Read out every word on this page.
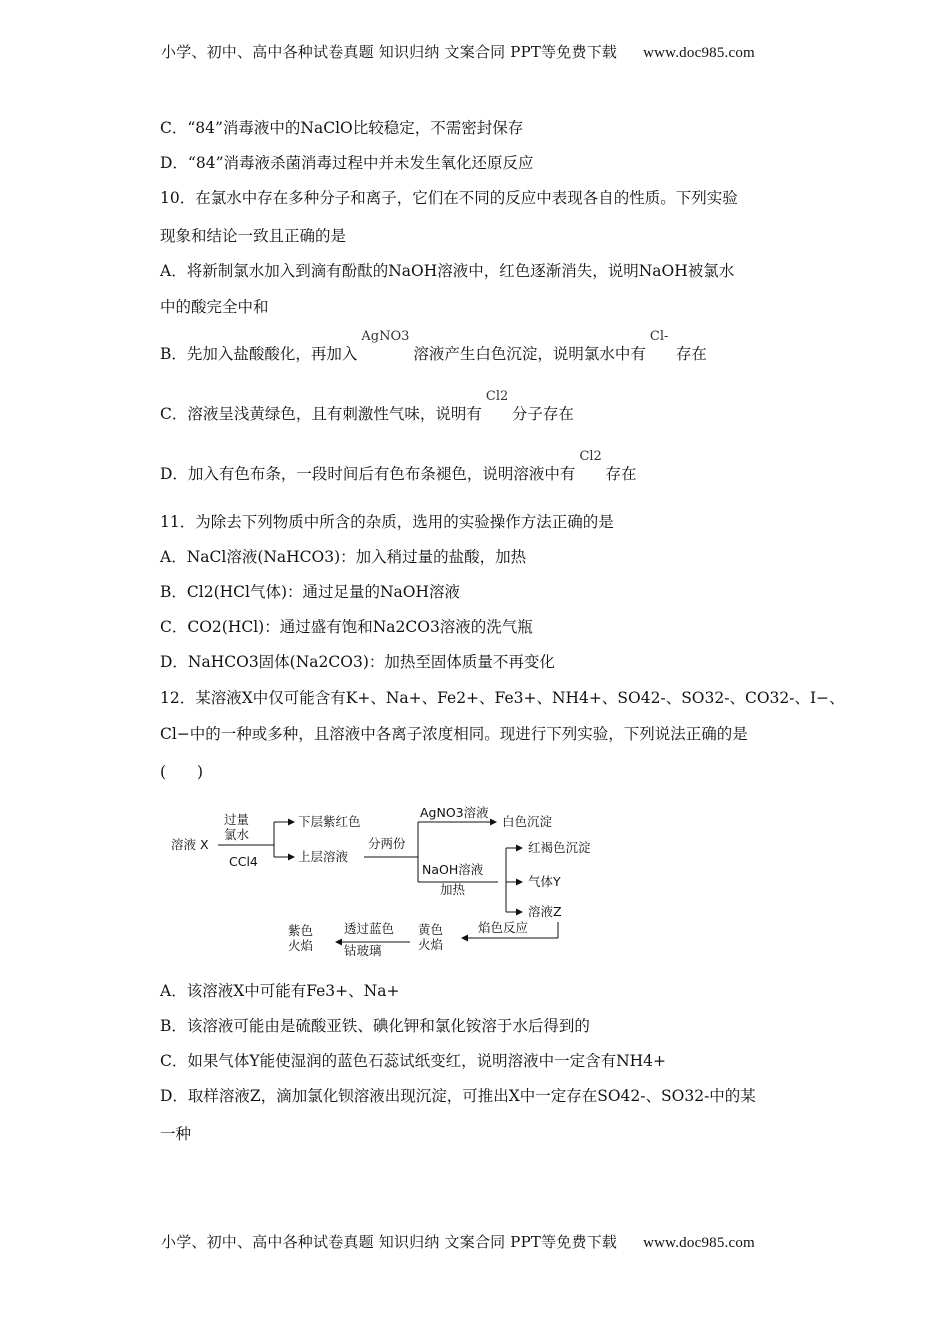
小学、初中、高中各种试卷真题 知识归纳 文案合同 PPT等免费下载 www.doc985.com
C．“84”消毒液中的NaClO比较稳定，不需密封保存
D．“84”消毒液杀菌消毒过程中并未发生氧化还原反应
10．在氯水中存在多种分子和离子，它们在不同的反应中表现各自的性质。下列实验
现象和结论一致且正确的是
A．将新制氯水加入到滴有酚酞的NaOH溶液中，红色逐渐消失，说明NaOH被氯水
中的酸完全中和
B．先加入盐酸酸化，再加入
AgNO3
溶液产生白色沉淀，说明氯水中有
Cl-
存在
C．溶液呈浅黄绿色，且有刺激性气味，说明有
Cl2
分子存在
D．加入有色布条，一段时间后有色布条褪色，说明溶液中有
Cl2
存在
11．为除去下列物质中所含的杂质，选用的实验操作方法正确的是
A．NaCl溶液(NaHCO3)：加入稍过量的盐酸，加热
B．Cl2(HCl气体)：通过足量的NaOH溶液
C．CO2(HCl)：通过盛有饱和Na2CO3溶液的洗气瓶
D．NaHCO3固体(Na2CO3)：加热至固体质量不再变化
12．某溶液X中仅可能含有K+、Na+、Fe2+、Fe3+、NH4+、SO42-、SO32-、CO32-、I−、
Cl−中的一种或多种，且溶液中各离子浓度相同。现进行下列实验，下列说法正确的是
(　　)
溶液 X
过量
氯水
CCl4
下层紫红色
上层溶液
分两份
AgNO3溶液
白色沉淀
NaOH溶液
加热
红褐色沉淀
气体Y
溶液Z
焰色反应
黄色
火焰
透过蓝色
钴玻璃
紫色
火焰
A．该溶液X中可能有Fe3+、Na+
B．该溶液可能由是硫酸亚铁、碘化钾和氯化铵溶于水后得到的
C．如果气体Y能使湿润的蓝色石蕊试纸变红，说明溶液中一定含有NH4+
D．取样溶液Z，滴加氯化钡溶液出现沉淀，可推出X中一定存在SO42-、SO32-中的某
一种
小学、初中、高中各种试卷真题 知识归纳 文案合同 PPT等免费下载 www.doc985.com
